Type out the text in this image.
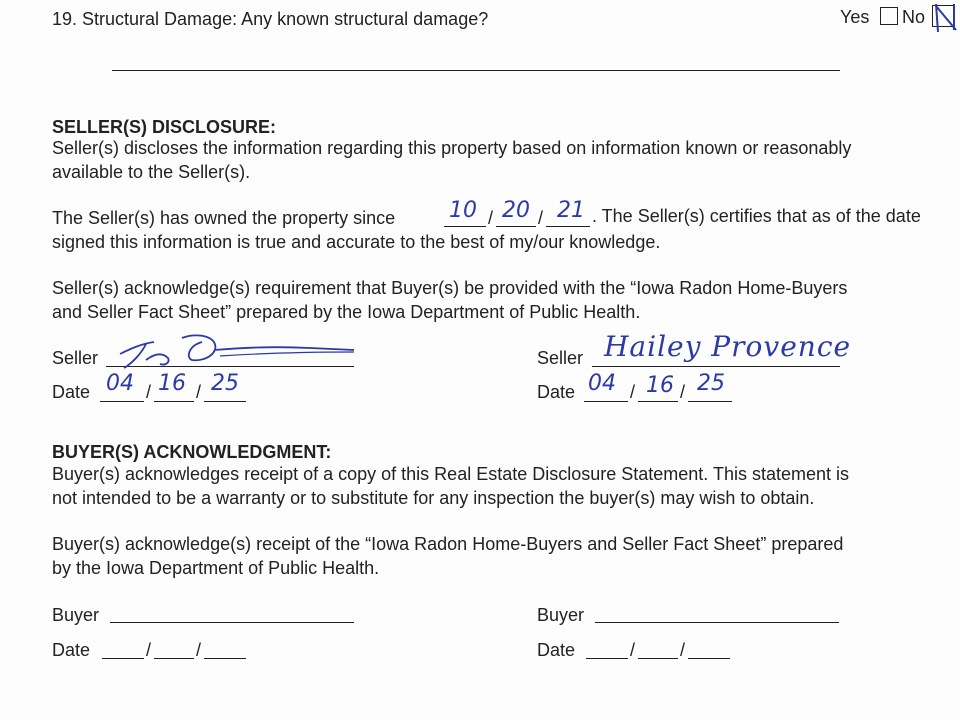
19. Structural Damage: Any known structural damage?	Yes No
SELLER(S) DISCLOSURE:
Seller(s) discloses the information regarding this property based on information known or reasonably
available to the Seller(s).
The Seller(s) has owned the property since 10 / 20 / 21 . The Seller(s) certifies that as of the date
signed this information is true and accurate to the best of my/our knowledge.
Seller(s) acknowledge(s) requirement that Buyer(s) be provided with the “Iowa Radon Home-Buyers
and Seller Fact Sheet” prepared by the Iowa Department of Public Health.
Seller
Date 04 / 16 / 25
Seller Hailey Provence
Date 04 / 16 / 25
BUYER(S) ACKNOWLEDGMENT:
Buyer(s) acknowledges receipt of a copy of this Real Estate Disclosure Statement. This statement is
not intended to be a warranty or to substitute for any inspection the buyer(s) may wish to obtain.
Buyer(s) acknowledge(s) receipt of the “Iowa Radon Home-Buyers and Seller Fact Sheet” prepared
by the Iowa Department of Public Health.
Buyer
Date	/ /
Buyer
Date	/ /
